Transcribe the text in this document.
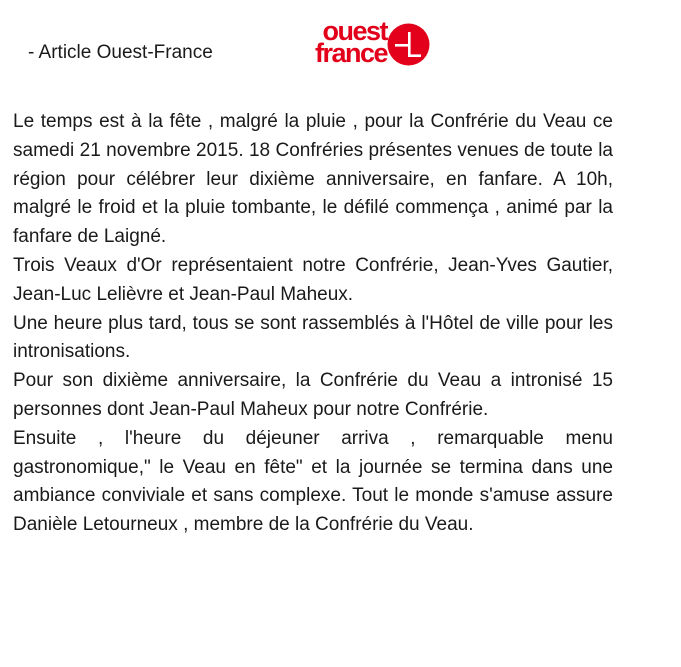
- Article Ouest-France
ouest
france

Le temps est à la fête , malgré la pluie , pour la Confrérie du Veau ce samedi 21 novembre 2015. 18 Confréries présentes venues de toute la région pour célébrer leur dixième anniversaire, en fanfare. A 10h, malgré le froid et la pluie tombante, le défilé commença , animé par la fanfare de Laigné.

Trois Veaux d'Or représentaient notre Confrérie, Jean-Yves Gautier, Jean-Luc Lelièvre et Jean-Paul Maheux.

Une heure plus tard, tous se sont rassemblés à l'Hôtel de ville pour les intronisations.

Pour son dixième anniversaire, la Confrérie du Veau a intronisé 15 personnes dont Jean-Paul Maheux pour notre Confrérie.

Ensuite , l'heure du déjeuner arriva , remarquable menu gastronomique," le Veau en fête" et la journée se termina dans une ambiance conviviale et sans complexe. Tout le monde s'amuse assure Danièle Letourneux , membre de la Confrérie du Veau.
